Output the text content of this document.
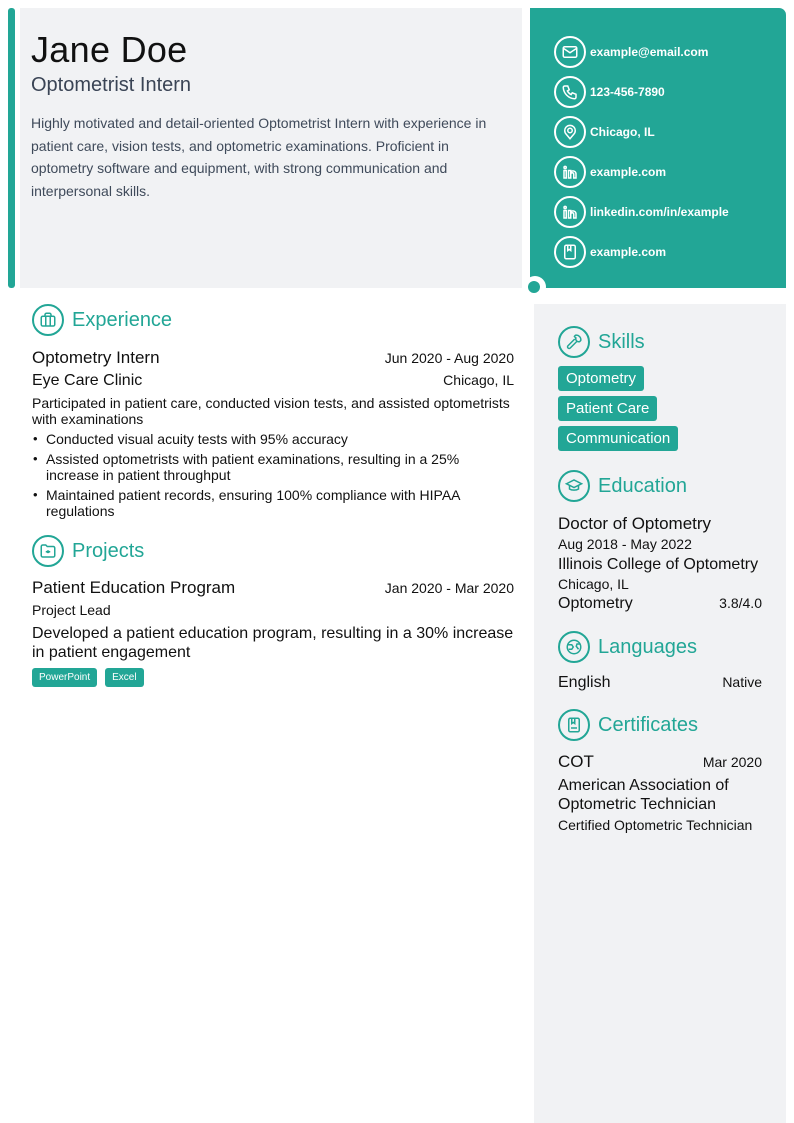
Jane Doe
Optometrist Intern
Highly motivated and detail-oriented Optometrist Intern with experience in patient care, vision tests, and optometric examinations. Proficient in optometry software and equipment, with strong communication and interpersonal skills.
example@email.com
123-456-7890
Chicago, IL
example.com
linkedin.com/in/example
example.com
Experience
Optometry Intern	Jun 2020 - Aug 2020
Eye Care Clinic	Chicago, IL
Participated in patient care, conducted vision tests, and assisted optometrists with examinations
• Conducted visual acuity tests with 95% accuracy
• Assisted optometrists with patient examinations, resulting in a 25% increase in patient throughput
• Maintained patient records, ensuring 100% compliance with HIPAA regulations
Projects
Patient Education Program	Jan 2020 - Mar 2020
Project Lead
Developed a patient education program, resulting in a 30% increase in patient engagement
PowerPoint	Excel
Skills
Optometry
Patient Care
Communication
Education
Doctor of Optometry
Aug 2018 - May 2022
Illinois College of Optometry
Chicago, IL
Optometry	3.8/4.0
Languages
English	Native
Certificates
COT	Mar 2020
American Association of Optometric Technician
Certified Optometric Technician
